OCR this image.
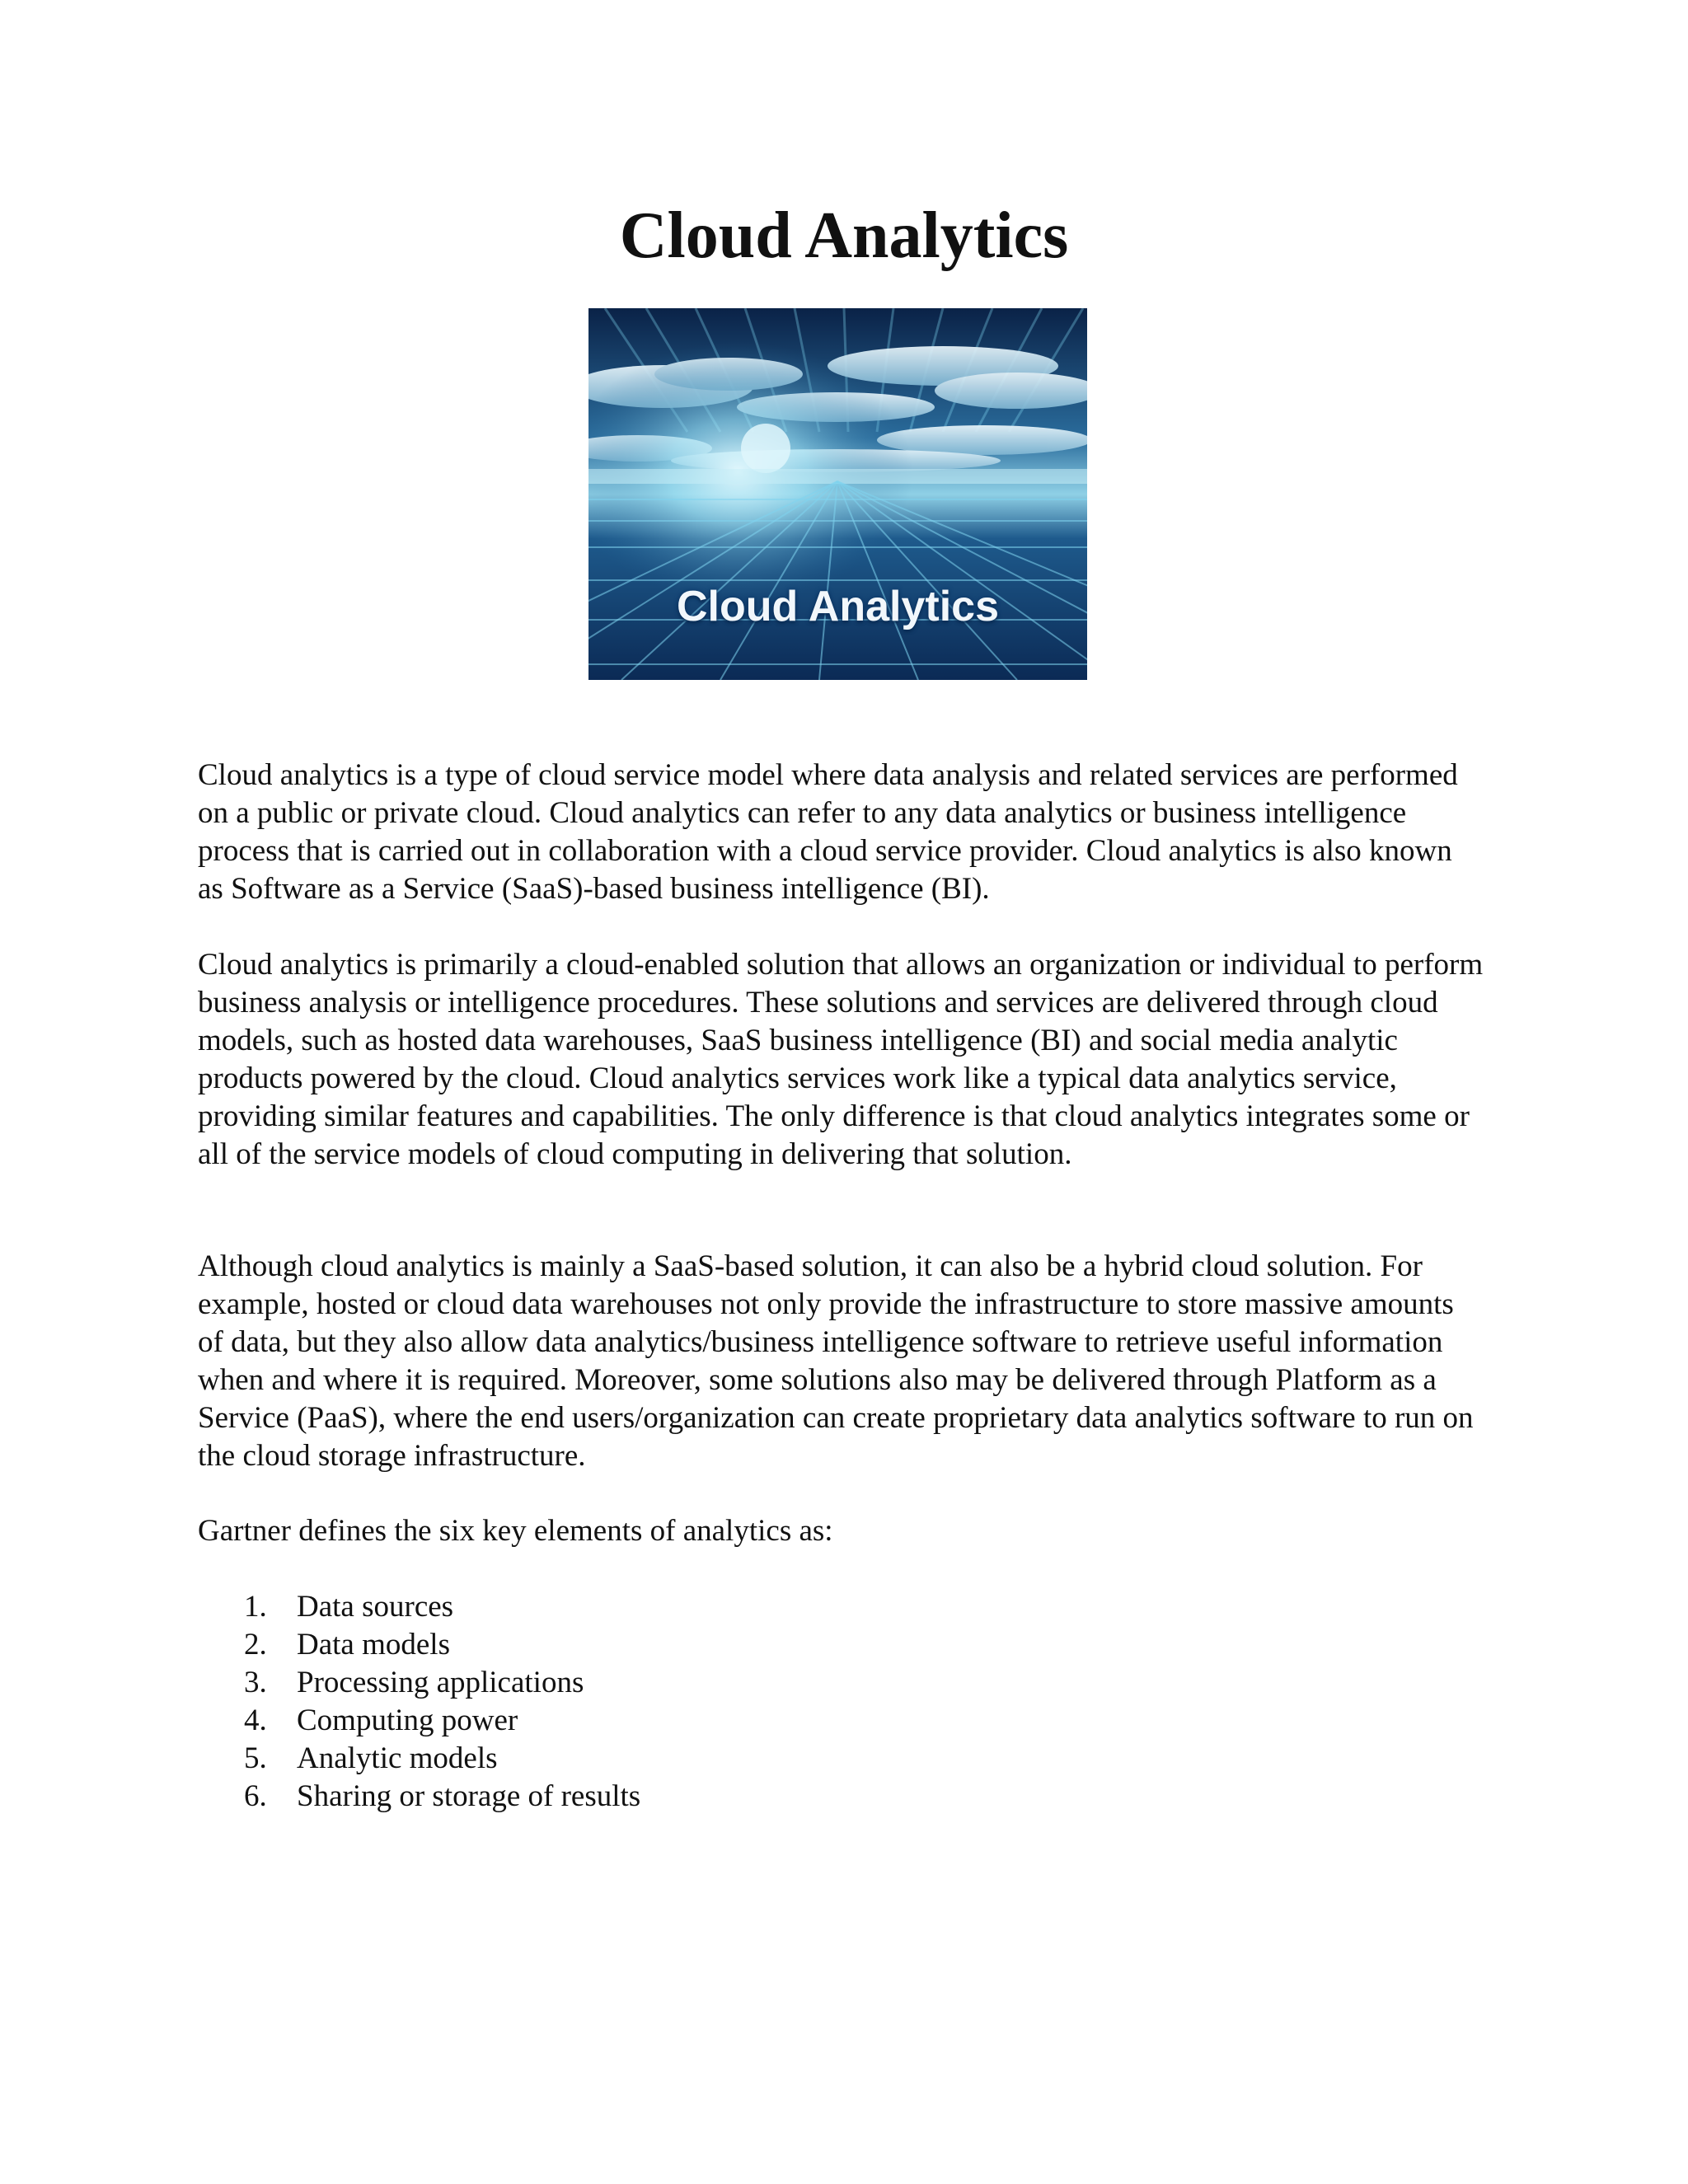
Cloud Analytics
Cloud Analytics

Cloud analytics is a type of cloud service model where data analysis and related services are performed on a public or private cloud. Cloud analytics can refer to any data analytics or business intelligence process that is carried out in collaboration with a cloud service provider. Cloud analytics is also known as Software as a Service (SaaS)-based business intelligence (BI).

Cloud analytics is primarily a cloud-enabled solution that allows an organization or individual to perform business analysis or intelligence procedures. These solutions and services are delivered through cloud models, such as hosted data warehouses, SaaS business intelligence (BI) and social media analytic products powered by the cloud. Cloud analytics services work like a typical data analytics service, providing similar features and capabilities. The only difference is that cloud analytics integrates some or all of the service models of cloud computing in delivering that solution.

Although cloud analytics is mainly a SaaS-based solution, it can also be a hybrid cloud solution. For example, hosted or cloud data warehouses not only provide the infrastructure to store massive amounts of data, but they also allow data analytics/business intelligence software to retrieve useful information when and where it is required. Moreover, some solutions also may be delivered through Platform as a Service (PaaS), where the end users/organization can create proprietary data analytics software to run on the cloud storage infrastructure.

Gartner defines the six key elements of analytics as:

1. Data sources
2. Data models
3. Processing applications
4. Computing power
5. Analytic models
6. Sharing or storage of results
